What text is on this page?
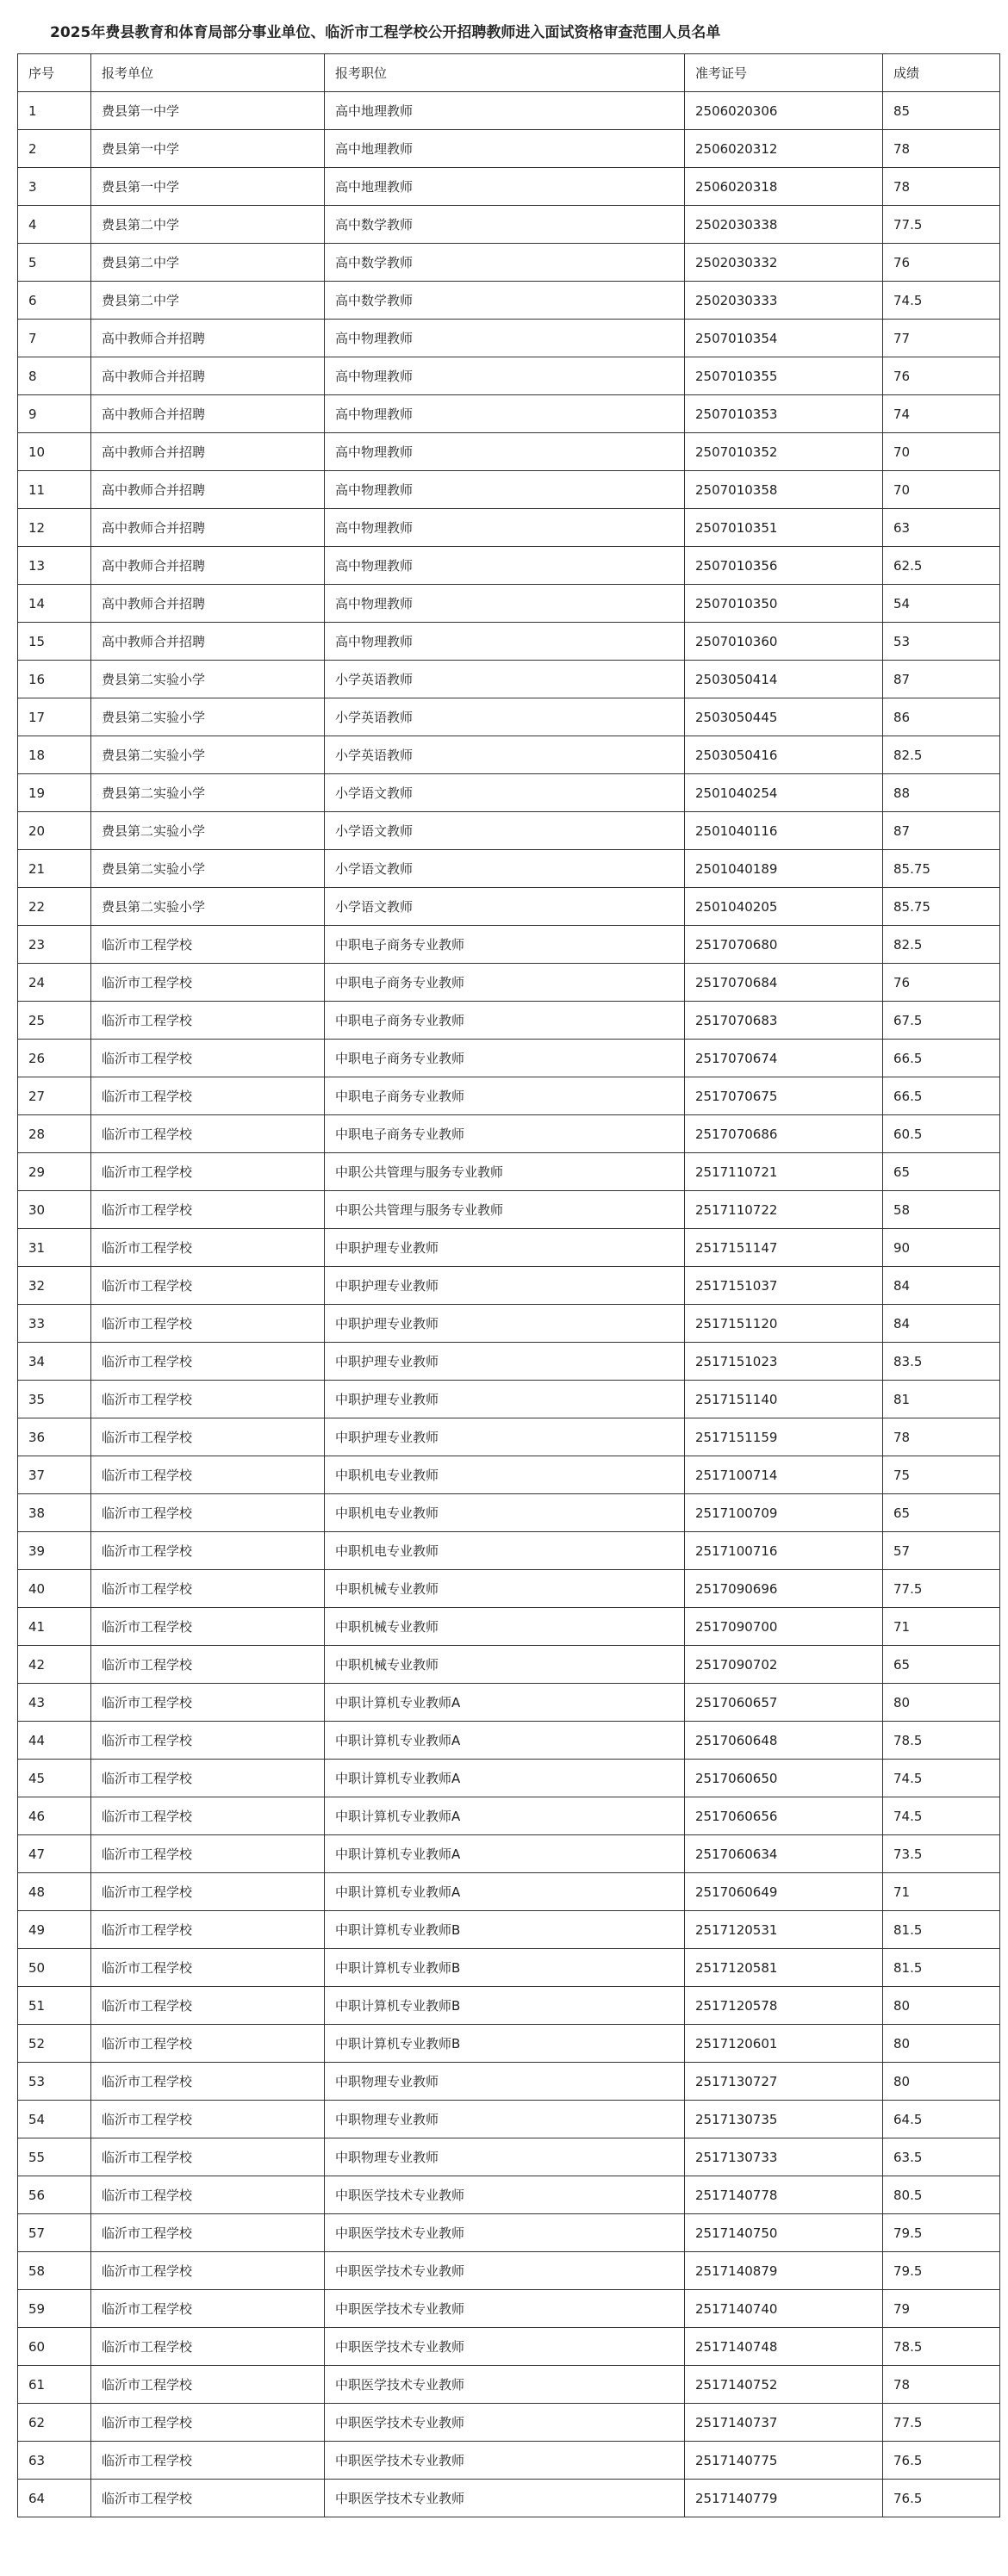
2025年费县教育和体育局部分事业单位、临沂市工程学校公开招聘教师进入面试资格审查范围人员名单
序号	报考单位	报考职位	准考证号	成绩
1	费县第一中学	高中地理教师	2506020306	85
2	费县第一中学	高中地理教师	2506020312	78
3	费县第一中学	高中地理教师	2506020318	78
4	费县第二中学	高中数学教师	2502030338	77.5
5	费县第二中学	高中数学教师	2502030332	76
6	费县第二中学	高中数学教师	2502030333	74.5
7	高中教师合并招聘	高中物理教师	2507010354	77
8	高中教师合并招聘	高中物理教师	2507010355	76
9	高中教师合并招聘	高中物理教师	2507010353	74
10	高中教师合并招聘	高中物理教师	2507010352	70
11	高中教师合并招聘	高中物理教师	2507010358	70
12	高中教师合并招聘	高中物理教师	2507010351	63
13	高中教师合并招聘	高中物理教师	2507010356	62.5
14	高中教师合并招聘	高中物理教师	2507010350	54
15	高中教师合并招聘	高中物理教师	2507010360	53
16	费县第二实验小学	小学英语教师	2503050414	87
17	费县第二实验小学	小学英语教师	2503050445	86
18	费县第二实验小学	小学英语教师	2503050416	82.5
19	费县第二实验小学	小学语文教师	2501040254	88
20	费县第二实验小学	小学语文教师	2501040116	87
21	费县第二实验小学	小学语文教师	2501040189	85.75
22	费县第二实验小学	小学语文教师	2501040205	85.75
23	临沂市工程学校	中职电子商务专业教师	2517070680	82.5
24	临沂市工程学校	中职电子商务专业教师	2517070684	76
25	临沂市工程学校	中职电子商务专业教师	2517070683	67.5
26	临沂市工程学校	中职电子商务专业教师	2517070674	66.5
27	临沂市工程学校	中职电子商务专业教师	2517070675	66.5
28	临沂市工程学校	中职电子商务专业教师	2517070686	60.5
29	临沂市工程学校	中职公共管理与服务专业教师	2517110721	65
30	临沂市工程学校	中职公共管理与服务专业教师	2517110722	58
31	临沂市工程学校	中职护理专业教师	2517151147	90
32	临沂市工程学校	中职护理专业教师	2517151037	84
33	临沂市工程学校	中职护理专业教师	2517151120	84
34	临沂市工程学校	中职护理专业教师	2517151023	83.5
35	临沂市工程学校	中职护理专业教师	2517151140	81
36	临沂市工程学校	中职护理专业教师	2517151159	78
37	临沂市工程学校	中职机电专业教师	2517100714	75
38	临沂市工程学校	中职机电专业教师	2517100709	65
39	临沂市工程学校	中职机电专业教师	2517100716	57
40	临沂市工程学校	中职机械专业教师	2517090696	77.5
41	临沂市工程学校	中职机械专业教师	2517090700	71
42	临沂市工程学校	中职机械专业教师	2517090702	65
43	临沂市工程学校	中职计算机专业教师A	2517060657	80
44	临沂市工程学校	中职计算机专业教师A	2517060648	78.5
45	临沂市工程学校	中职计算机专业教师A	2517060650	74.5
46	临沂市工程学校	中职计算机专业教师A	2517060656	74.5
47	临沂市工程学校	中职计算机专业教师A	2517060634	73.5
48	临沂市工程学校	中职计算机专业教师A	2517060649	71
49	临沂市工程学校	中职计算机专业教师B	2517120531	81.5
50	临沂市工程学校	中职计算机专业教师B	2517120581	81.5
51	临沂市工程学校	中职计算机专业教师B	2517120578	80
52	临沂市工程学校	中职计算机专业教师B	2517120601	80
53	临沂市工程学校	中职物理专业教师	2517130727	80
54	临沂市工程学校	中职物理专业教师	2517130735	64.5
55	临沂市工程学校	中职物理专业教师	2517130733	63.5
56	临沂市工程学校	中职医学技术专业教师	2517140778	80.5
57	临沂市工程学校	中职医学技术专业教师	2517140750	79.5
58	临沂市工程学校	中职医学技术专业教师	2517140879	79.5
59	临沂市工程学校	中职医学技术专业教师	2517140740	79
60	临沂市工程学校	中职医学技术专业教师	2517140748	78.5
61	临沂市工程学校	中职医学技术专业教师	2517140752	78
62	临沂市工程学校	中职医学技术专业教师	2517140737	77.5
63	临沂市工程学校	中职医学技术专业教师	2517140775	76.5
64	临沂市工程学校	中职医学技术专业教师	2517140779	76.5
